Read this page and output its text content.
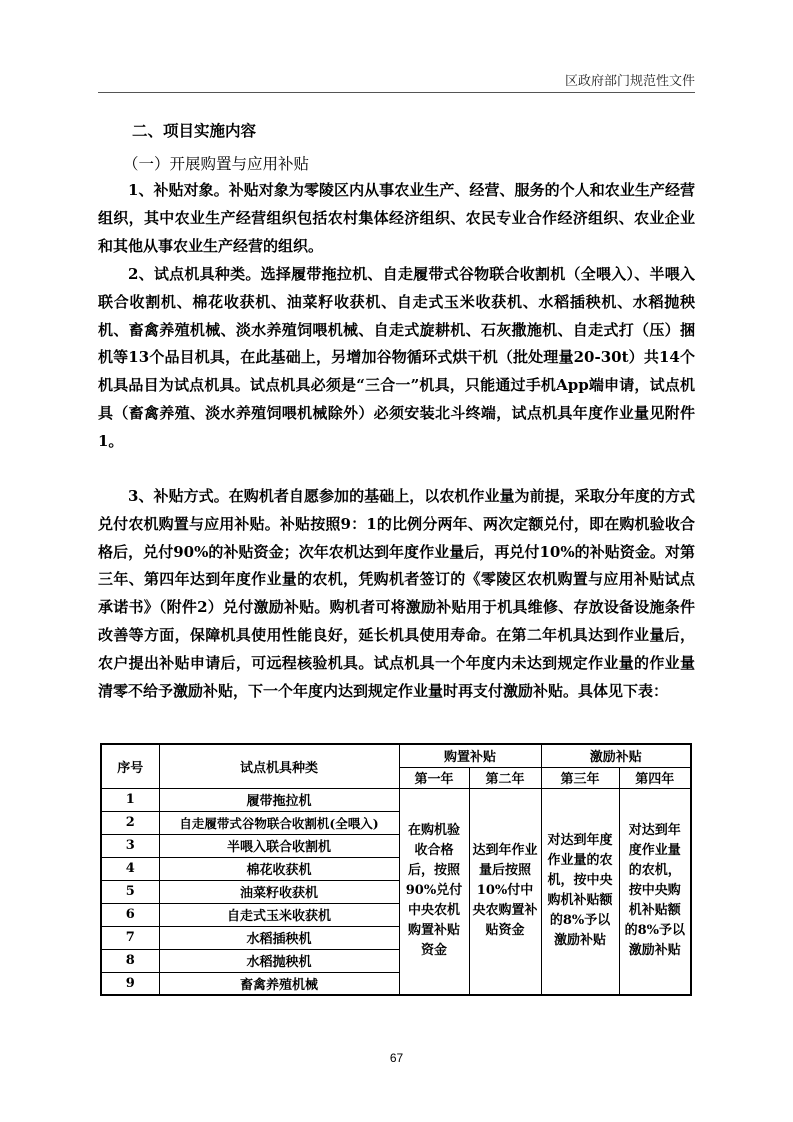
区政府部门规范性文件
二、项目实施内容
（一）开展购置与应用补贴
1、补贴对象。补贴对象为零陵区内从事农业生产、经营、服务的个人和农业生产经营组织，其中农业生产经营组织包括农村集体经济组织、农民专业合作经济组织、农业企业和其他从事农业生产经营的组织。
2、试点机具种类。选择履带拖拉机、自走履带式谷物联合收割机（全喂入）、半喂入联合收割机、棉花收获机、油菜籽收获机、自走式玉米收获机、水稻插秧机、水稻抛秧机、畜禽养殖机械、淡水养殖饲喂机械、自走式旋耕机、石灰撒施机、自走式打（压）捆机等13个品目机具，在此基础上，另增加谷物循环式烘干机（批处理量20-30t）共14个机具品目为试点机具。试点机具必须是“三合一”机具，只能通过手机App端申请，试点机具（畜禽养殖、淡水养殖饲喂机械除外）必须安装北斗终端，试点机具年度作业量见附件1。
3、补贴方式。在购机者自愿参加的基础上，以农机作业量为前提，采取分年度的方式兑付农机购置与应用补贴。补贴按照9：1的比例分两年、两次定额兑付，即在购机验收合格后，兑付90%的补贴资金；次年农机达到年度作业量后，再兑付10%的补贴资金。对第三年、第四年达到年度作业量的农机，凭购机者签订的《零陵区农机购置与应用补贴试点承诺书》（附件2）兑付激励补贴。购机者可将激励补贴用于机具维修、存放设备设施条件改善等方面，保障机具使用性能良好，延长机具使用寿命。在第二年机具达到作业量后，农户提出补贴申请后，可远程核验机具。试点机具一个年度内未达到规定作业量的作业量清零不给予激励补贴，下一个年度内达到规定作业量时再支付激励补贴。具体见下表：
序号	试点机具种类	购置补贴		激励补贴	
		第一年	第二年	第三年	第四年
1	履带拖拉机	在购机验收合格后，按照90%兑付中央农机购置补贴资金	达到年作业量后按照10%付中央农购置补贴资金	对达到年度作业量的农机，按中央购机补贴额的8%予以激励补贴	对达到年度作业量的农机，按中央购机补贴额的8%予以激励补贴
2	自走履带式谷物联合收割机(全喂入)				
3	半喂入联合收割机				
4	棉花收获机				
5	油菜籽收获机				
6	自走式玉米收获机				
7	水稻插秧机				
8	水稻抛秧机				
9	畜禽养殖机械				
67
